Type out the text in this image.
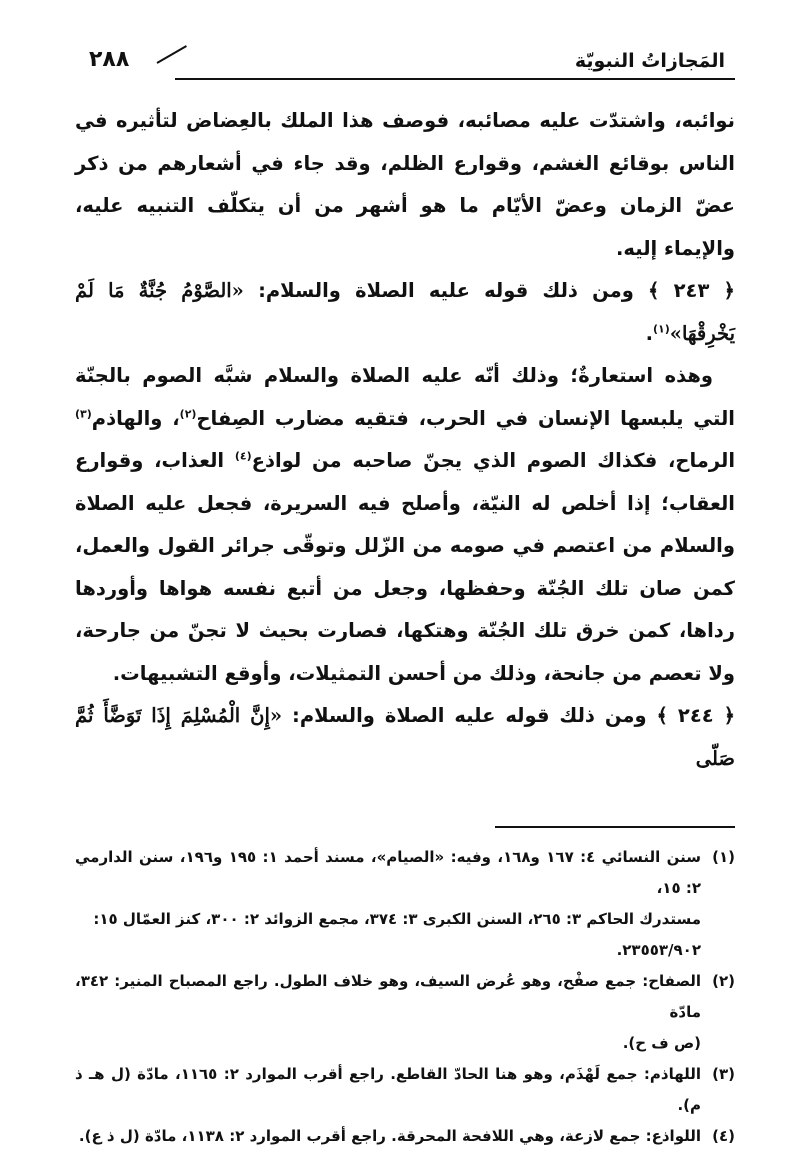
المَجازاتُ النبويّة
٢٨٨

نوائبه، واشتدّت عليه مصائبه، فوصف هذا الملك بالعِضاض لتأثيره في الناس بوقائع الغشم، وقوارع الظلم، وقد جاء في أشعارهم من ذكر عضّ الزمان وعضّ الأيّام ما هو أشهر من أن يتكلّف التنبيه عليه، والإيماء إليه.

﴿ ٢٤٣ ﴾ ومن ذلك قوله عليه الصلاة والسلام: «الصَّوْمُ جُنَّةٌ مَا لَمْ يَخْرِقْهَا»$^{(١)}$.

وهذه استعارةٌ؛ وذلك أنّه عليه الصلاة والسلام شبَّه الصوم بالجنّة التي يلبسها الإنسان في الحرب، فتقيه مضارب الصِفاح$^{(٢)}$، والهاذم$^{(٣)}$ الرماح، فكذاك الصوم الذي يجنّ صاحبه من لواذع$^{(٤)}$ العذاب، وقوارع العقاب؛ إذا أخلص له النيّة، وأصلح فيه السريرة، فجعل عليه الصلاة والسلام من اعتصم في صومه من الزّلل وتوقّى جرائر القول والعمل، كمن صان تلك الجُنّة وحفظها، وجعل من أتبع نفسه هواها وأوردها رداها، كمن خرق تلك الجُنّة وهتكها، فصارت بحيث لا تجنّ من جارحة، ولا تعصم من جانحة، وذلك من أحسن التمثيلات، وأوقع التشبيهات.

﴿ ٢٤٤ ﴾ ومن ذلك قوله عليه الصلاة والسلام: «إِنَّ الْمُسْلِمَ إِذَا تَوَضَّأَ ثُمَّ صَلّى

(١)
سنن النسائي ٤: ١٦٧ و١٦٨، وفيه: «الصيام»، مسند أحمد ١: ١٩٥ و١٩٦، سنن الدارمي ٢: ١٥،

مستدرك الحاكم ٣: ٢٦٥، السنن الكبرى ٣: ٣٧٤، مجمع الزوائد ٢: ٣٠٠، كنز العمّال ١٥:

٢٣٥٥٣/٩٠٢.

(٢)
الصفاح: جمع صفْح، وهو عُرض السيف، وهو خلاف الطول. راجع المصباح المنير: ٣٤٢، مادّة

(ص ف ح).

(٣)
اللهاذم: جمع لَهْذَم، وهو هنا الحادّ القاطع. راجع أقرب الموارد ٢: ١١٦٥، مادّة (ل هـ ذ م).

(٤)
اللواذع: جمع لازعة، وهي اللافحة المحرقة. راجع أقرب الموارد ٢: ١١٣٨، مادّة (ل ذ ع).
